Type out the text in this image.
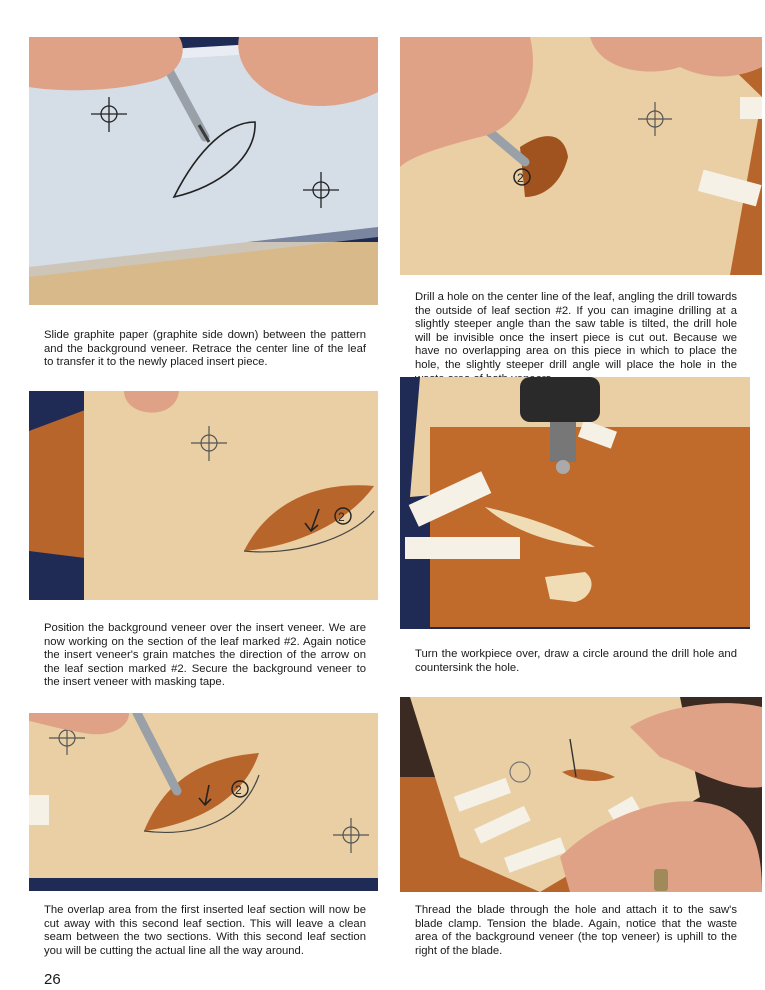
2

Drill a hole on the center line of the leaf, angling the drill towards the outside of leaf section #2. If you can imagine drilling at a slightly steeper angle than the saw table is tilted, the drill hole will be invisible once the insert piece is cut out. Because we have no overlapping area on this piece in which to place the hole, the slightly steeper drill angle will place the hole in the

Slide graphite paper (graphite side down) between the pattern and the background veneer. Retrace the center line of the leaf to transfer it to the newly placed insert piece.

2

Position the background veneer over the insert veneer. We are now working on the section of the leaf marked #2. Again notice the insert veneer's grain matches the direction of the arrow on the leaf section marked #2. Secure the background veneer to the insert veneer with masking tape.

Turn the workpiece over, draw a circle around the drill hole and countersink the hole.

2

The overlap area from the first inserted leaf section will now be cut away with this second leaf section. This will leave a clean seam between the two sections. With this second leaf section you will be cutting the actual line all the way around.

Thread the blade through the hole and attach it to the saw's blade clamp. Tension the blade. Again, notice that the waste area of the background veneer (the top veneer) is uphill to the right of the blade.

26
